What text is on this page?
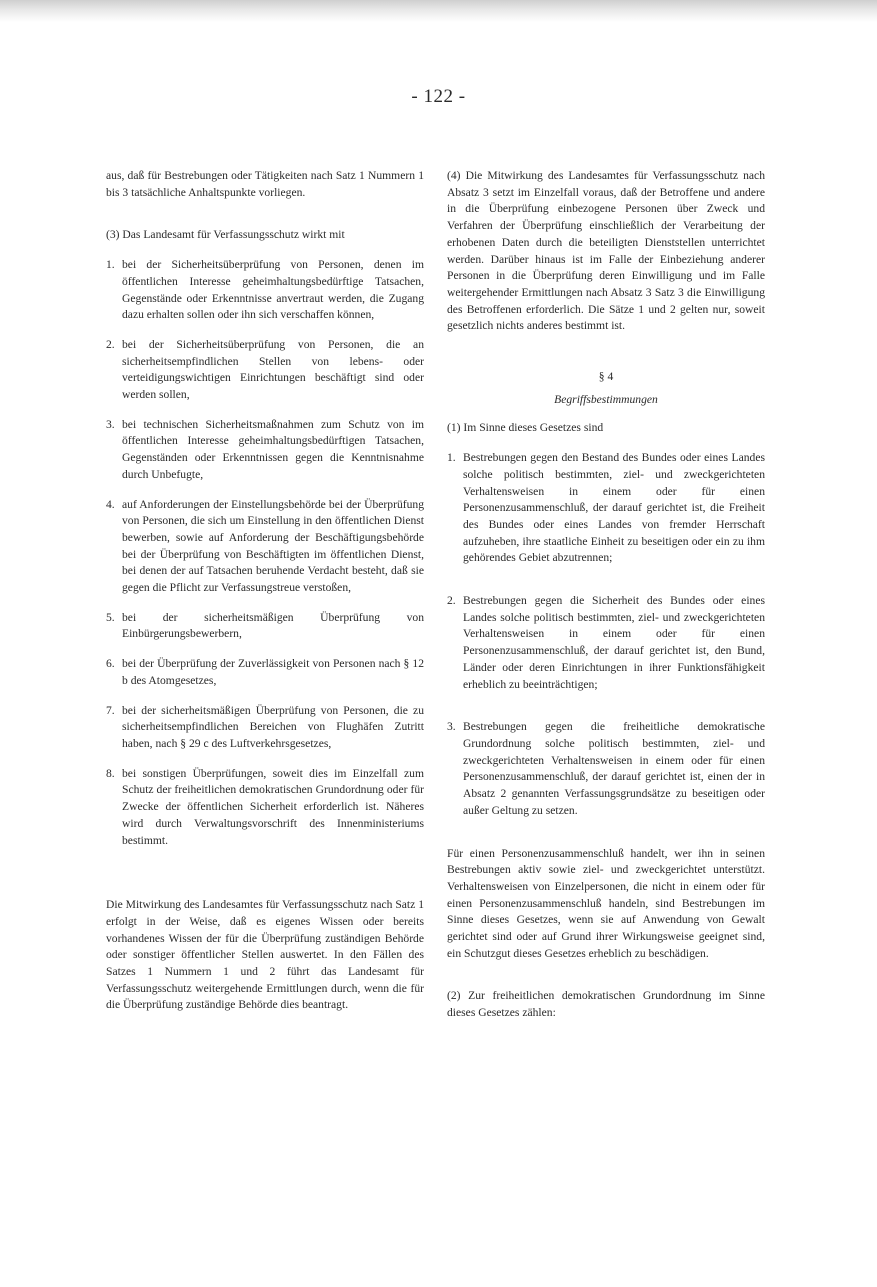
- 122 -

aus, daß für Bestrebungen oder Tätigkeiten nach Satz 1 Nummern 1 bis 3 tatsächliche Anhaltspunkte vorliegen.

(3) Das Landesamt für Verfassungsschutz wirkt mit

1. bei der Sicherheitsüberprüfung von Personen, denen im öffentlichen Interesse geheimhaltungsbedürftige Tatsachen, Gegenstände oder Erkenntnisse anvertraut werden, die Zugang dazu erhalten sollen oder ihn sich verschaffen können,
2. bei der Sicherheitsüberprüfung von Personen, die an sicherheitsempfindlichen Stellen von lebens- oder verteidigungswichtigen Einrichtungen beschäftigt sind oder werden sollen,
3. bei technischen Sicherheitsmaßnahmen zum Schutz von im öffentlichen Interesse geheimhaltungsbedürftigen Tatsachen, Gegenständen oder Erkenntnissen gegen die Kenntnisnahme durch Unbefugte,
4. auf Anforderungen der Einstellungsbehörde bei der Überprüfung von Personen, die sich um Einstellung in den öffentlichen Dienst bewerben, sowie auf Anforderung der Beschäftigungsbehörde bei der Überprüfung von Beschäftigten im öffentlichen Dienst, bei denen der auf Tatsachen beruhende Verdacht besteht, daß sie gegen die Pflicht zur Verfassungstreue verstoßen,
5. bei der sicherheitsmäßigen Überprüfung von Einbürgerungsbewerbern,
6. bei der Überprüfung der Zuverlässigkeit von Personen nach § 12 b des Atomgesetzes,
7. bei der sicherheitsmäßigen Überprüfung von Personen, die zu sicherheitsempfindlichen Bereichen von Flughäfen Zutritt haben, nach § 29 c des Luftverkehrsgesetzes,
8. bei sonstigen Überprüfungen, soweit dies im Einzelfall zum Schutz der freiheitlichen demokratischen Grundordnung oder für Zwecke der öffentlichen Sicherheit erforderlich ist. Näheres wird durch Verwaltungsvorschrift des Innenministeriums bestimmt.

Die Mitwirkung des Landesamtes für Verfassungsschutz nach Satz 1 erfolgt in der Weise, daß es eigenes Wissen oder bereits vorhandenes Wissen der für die Überprüfung zuständigen Behörde oder sonstiger öffentlicher Stellen auswertet. In den Fällen des Satzes 1 Nummern 1 und 2 führt das Landesamt für Verfassungsschutz weitergehende Ermittlungen durch, wenn die für die Überprüfung zuständige Behörde dies beantragt.

(4) Die Mitwirkung des Landesamtes für Verfassungsschutz nach Absatz 3 setzt im Einzelfall voraus, daß der Betroffene und andere in die Überprüfung einbezogene Personen über Zweck und Verfahren der Überprüfung einschließlich der Verarbeitung der erhobenen Daten durch die beteiligten Dienststellen unterrichtet werden. Darüber hinaus ist im Falle der Einbeziehung anderer Personen in die Überprüfung deren Einwilligung und im Falle weitergehender Ermittlungen nach Absatz 3 Satz 3 die Einwilligung des Betroffenen erforderlich. Die Sätze 1 und 2 gelten nur, soweit gesetzlich nichts anderes bestimmt ist.

§ 4
Begriffsbestimmungen

(1) Im Sinne dieses Gesetzes sind

1. Bestrebungen gegen den Bestand des Bundes oder eines Landes solche politisch bestimmten, ziel- und zweckgerichteten Verhaltensweisen in einem oder für einen Personenzusammenschluß, der darauf gerichtet ist, die Freiheit des Bundes oder eines Landes von fremder Herrschaft aufzuheben, ihre staatliche Einheit zu beseitigen oder ein zu ihm gehörendes Gebiet abzutrennen;
2. Bestrebungen gegen die Sicherheit des Bundes oder eines Landes solche politisch bestimmten, ziel- und zweckgerichteten Verhaltensweisen in einem oder für einen Personenzusammenschluß, der darauf gerichtet ist, den Bund, Länder oder deren Einrichtungen in ihrer Funktionsfähigkeit erheblich zu beeinträchtigen;
3. Bestrebungen gegen die freiheitliche demokratische Grundordnung solche politisch bestimmten, ziel- und zweckgerichteten Verhaltensweisen in einem oder für einen Personenzusammenschluß, der darauf gerichtet ist, einen der in Absatz 2 genannten Verfassungsgrundsätze zu beseitigen oder außer Geltung zu setzen.

Für einen Personenzusammenschluß handelt, wer ihn in seinen Bestrebungen aktiv sowie ziel- und zweckgerichtet unterstützt. Verhaltensweisen von Einzelpersonen, die nicht in einem oder für einen Personenzusammenschluß handeln, sind Bestrebungen im Sinne dieses Gesetzes, wenn sie auf Anwendung von Gewalt gerichtet sind oder auf Grund ihrer Wirkungsweise geeignet sind, ein Schutzgut dieses Gesetzes erheblich zu beschädigen.

(2) Zur freiheitlichen demokratischen Grundordnung im Sinne dieses Gesetzes zählen:
